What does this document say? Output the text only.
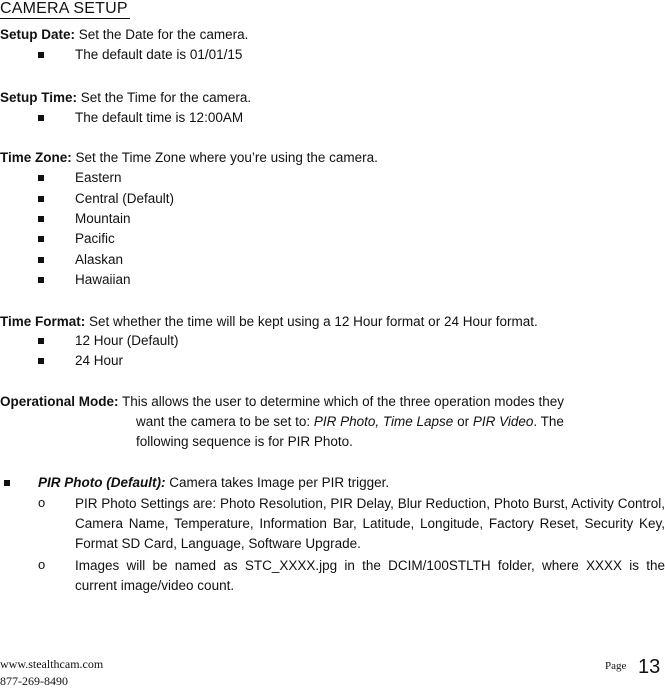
CAMERA SETUP
Setup Date: Set the Date for the camera.
The default date is 01/01/15
Setup Time: Set the Time for the camera.
The default time is 12:00AM
Time Zone: Set the Time Zone where you’re using the camera.
Eastern
Central (Default)
Mountain
Pacific
Alaskan
Hawaiian
Time Format: Set whether the time will be kept using a 12 Hour format or 24 Hour format.
12 Hour (Default)
24 Hour
Operational Mode: This allows the user to determine which of the three operation modes they
want the camera to be set to: PIR Photo, Time Lapse or PIR Video. The
following sequence is for PIR Photo.
PIR Photo (Default): Camera takes Image per PIR trigger.
o PIR Photo Settings are: Photo Resolution, PIR Delay, Blur Reduction, Photo Burst, Activity Control, Camera Name, Temperature, Information Bar, Latitude, Longitude, Factory Reset, Security Key, Format SD Card, Language, Software Upgrade.
o Images will be named as STC_XXXX.jpg in the DCIM/100STLTH folder, where XXXX is the current image/video count.
www.stealthcam.com
877-269-8490
Page 13
